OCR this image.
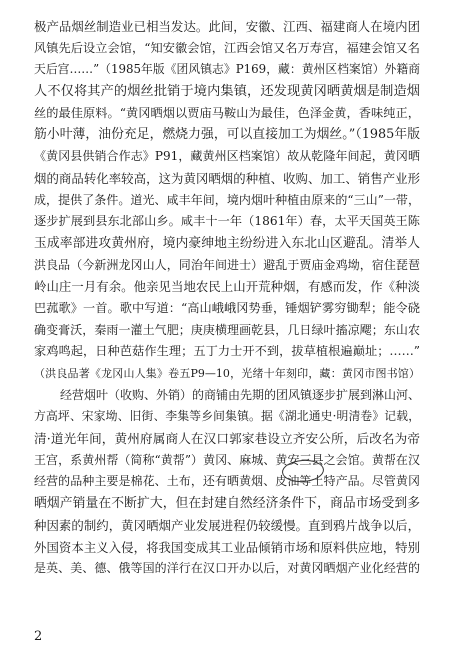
极产品烟丝制造业已相当发达。此间，安徽、江西、福建商人在境内团
风镇先后设立会馆，“知安徽会馆，江西会馆又名万寿宫，福建会馆又名
天后宫……”（1985年版《团风镇志》P169，藏：黄州区档案馆）外籍商
人不仅将其产的烟丝批销于境内集镇，还发现黄冈晒黄烟是制造烟
丝的最佳原料。“黄冈晒烟以贾庙马鞍山为最佳，色泽金黄，香味纯正，
筋小叶薄，油份充足，燃烧力强，可以直接加工为烟丝。”（1985年版
《黄冈县供销合作志》P91，藏黄州区档案馆）故从乾隆年间起，黄冈晒
烟的商品转化率较高，这为黄冈晒烟的种植、收购、加工、销售产业形
成，提供了条件。道光、咸丰年间，境内烟叶种植由原来的“三山”一带，
逐步扩展到县东北部山乡。咸丰十一年（1861年）春，太平天国英王陈
玉成率部进攻黄州府，境内豪绅地主纷纷进入东北山区避乱。清举人
洪良品（今新洲龙冈山人，同治年间进士）避乱于贾庙金鸡坳，宿住琵琶
岭山庄一月有余。他亲见当地农民上山开荒种烟，有感而发，作《种淡
巴菰歌》一首。歌中写道：“高山峨峨冈势垂，锤烟铲雾穷锄犁；能令硗
确变膏沃，秦雨一灌土气肥；庚庚横理画乾县，几日绿叶搐凉飔；东山农
家鸡鸣起，日种芭菇作生理；五丁力士开不到，拔草植根遍巅址；……”
（洪良品著《龙冈山人集》卷五P9—10，光绪十年刻印，藏：黄冈市图书馆）
经营烟叶（收购、外销）的商铺由先期的团风镇逐步扩展到淋山河、
方高坪、宋家坳、旧街、李集等乡间集镇。据《湖北通史·明清卷》记载，
清·道光年间，黄州府属商人在汉口郭家巷设立齐安公所，后改名为帝
王宫，系黄州帮（简称“黄帮”）黄冈、麻城、黄安三县之会馆。黄帮在汉
经营的品种主要是棉花、土布，还有晒黄烟、皮油等土特产品。尽管黄冈
晒烟产销量在不断扩大，但在封建自然经济条件下，商品市场受到多
种因素的制约，黄冈晒烟产业发展进程仍较缓慢。直到鸦片战争以后，
外国资本主义入侵，将我国变成其工业品倾销市场和原料供应地，特别
是英、美、德、俄等国的洋行在汉口开办以后，对黄冈晒烟产业化经营的
2
